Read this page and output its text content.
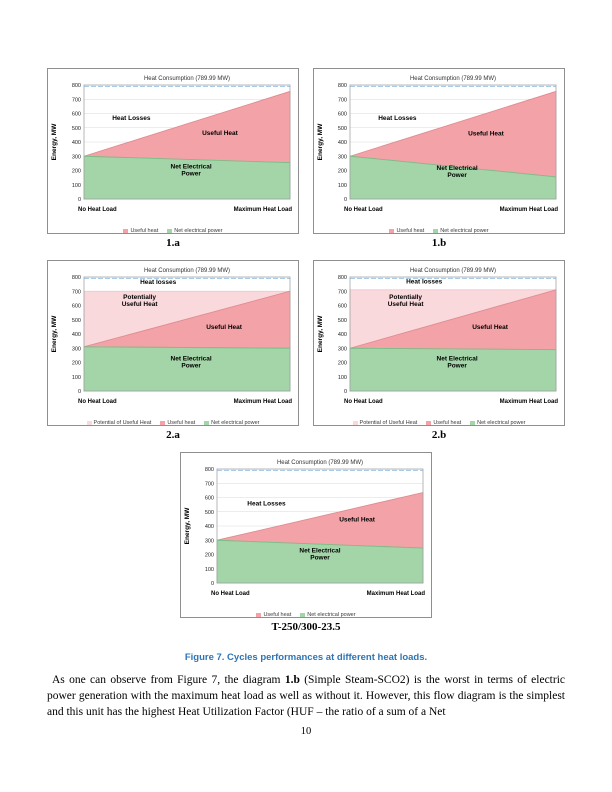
Heat Consumption (789.99 MW)
0
100
200
300
400
500
600
700
800
Energy, MW
No Heat Load	Maximum Heat Load
Heat Losses
Useful Heat
Net Electrical Power
Useful heat	Net electrical power
1.a
Heat Consumption (789.99 MW)
0
100
200
300
400
500
600
700
800
Energy, MW
No Heat Load	Maximum Heat Load
Heat Losses
Useful Heat
Net Electrical Power
Useful heat	Net electrical power
1.b
Heat Consumption (789.99 MW)
0
100
200
300
400
500
600
700
800
Energy, MW
No Heat Load	Maximum Heat Load
Heat losses
Potentially Useful Heat
Useful Heat
Net Electrical Power
Potential of Useful Heat	Useful heat	Net electrical power
2.a
Heat Consumption (789.99 MW)
0
100
200
300
400
500
600
700
800
Energy, MW
No Heat Load	Maximum Heat Load
Heat losses
Potentially Useful Heat
Useful Heat
Net Electrical Power
Potential of Useful Heat	Useful heat	Net electrical power
2.b
Heat Consumption (789.99 MW)
0
100
200
300
400
500
600
700
800
Energy, MW
No Heat Load	Maximum Heat Load
Heat Losses
Useful Heat
Net Electrical Power
Useful heat	Net electrical power
T-250/300-23.5
Figure 7. Cycles performances at different heat loads.

As one can observe from Figure 7, the diagram 1.b (Simple Steam-SCO2) is the worst in terms of electric power generation with the maximum heat load as well as without it. However, this flow diagram is the simplest and this unit has the highest Heat Utilization Factor (HUF – the ratio of a sum of a Net

10
